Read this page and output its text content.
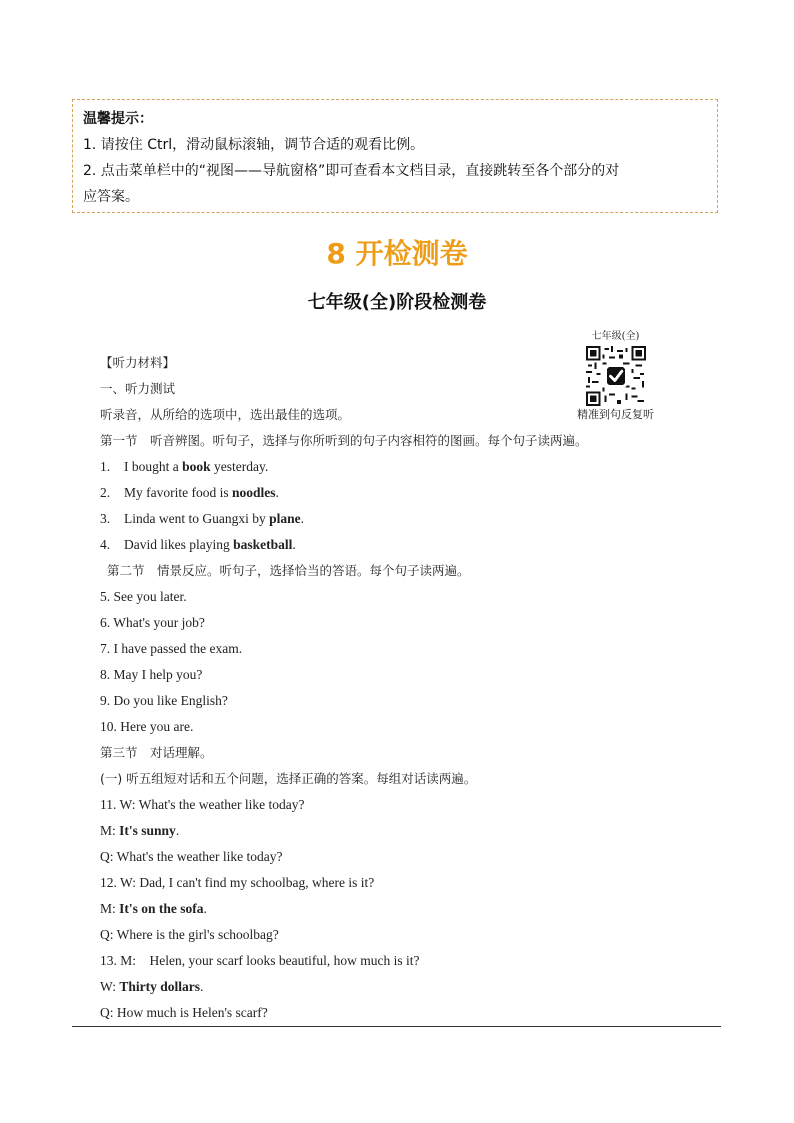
温馨提示：
1. 请按住 Ctrl，滑动鼠标滚轴，调节合适的观看比例。
2. 点击菜单栏中的“视图——导航窗格”即可查看本文档目录，直接跳转至各个部分的对
应答案。
8 开检测卷
七年级(全)阶段检测卷
七年级(全)
精准到句反复听
【听力材料】
一、听力测试
听录音，从所给的选项中，选出最佳的选项。
第一节　听音辨图。听句子，选择与你所听到的句子内容相符的图画。每个句子读两遍。
1. I bought a book yesterday.
2. My favorite food is noodles.
3. Linda went to Guangxi by plane.
4. David likes playing basketball.
第二节　情景反应。听句子，选择恰当的答语。每个句子读两遍。
5. See you later.
6. What's your job?
7. I have passed the exam.
8. May I help you?
9. Do you like English?
10. Here you are.
第三节　对话理解。
(一) 听五组短对话和五个问题，选择正确的答案。每组对话读两遍。
11. W: What's the weather like today?
M: It's sunny.
Q: What's the weather like today?
12. W: Dad, I can't find my schoolbag, where is it?
M: It's on the sofa.
Q: Where is the girl's schoolbag?
13. M:　Helen, your scarf looks beautiful, how much is it?
W: Thirty dollars.
Q: How much is Helen's scarf?
